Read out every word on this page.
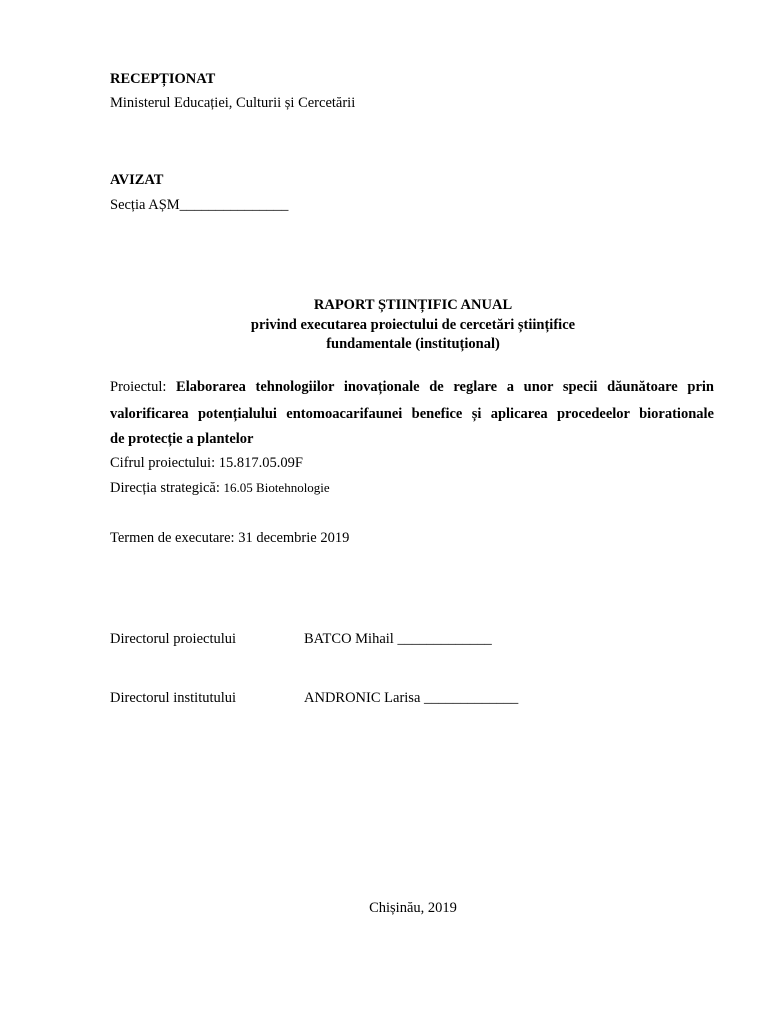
RECEPȚIONAT
Ministerul Educației, Culturii și Cercetării
AVIZAT
Secția AȘM_______________
RAPORT ȘTIINȚIFIC ANUAL
privind executarea proiectului de cercetări științifice
fundamentale (instituțional)
Proiectul: Elaborarea tehnologiilor inovaționale de reglare a unor specii dăunătoare prin
valorificarea potențialului entomoacarifaunei benefice și aplicarea procedeelor biorationale
de protecție a plantelor
Cifrul proiectului: 15.817.05.09F
Direcția strategică: 16.05 Biotehnologie
Termen de executare: 31 decembrie 2019
Directorul proiectului	BATCO Mihail _____________
Directorul institutului	ANDRONIC Larisa _____________
Chișinău, 2019
